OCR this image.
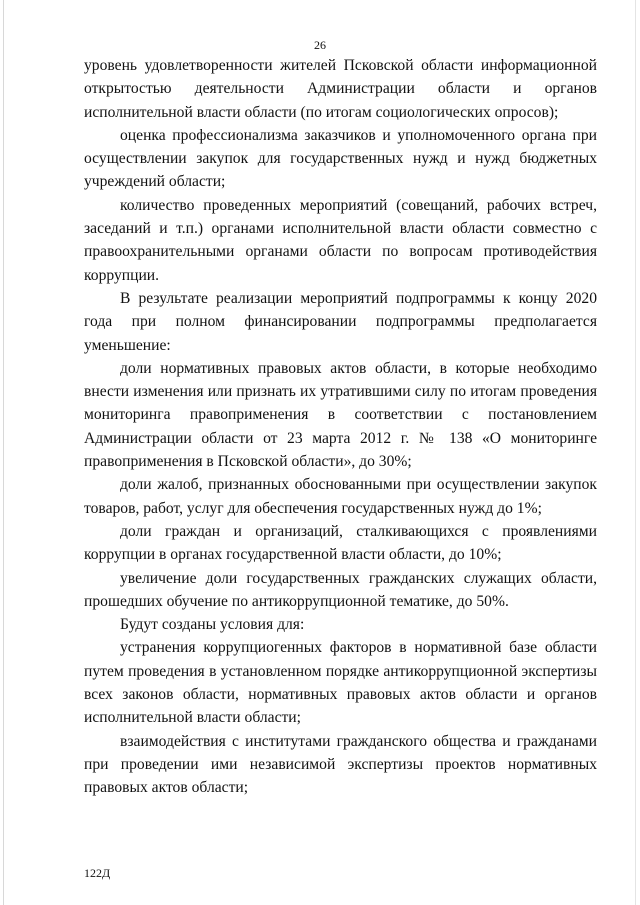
26

уровень удовлетворенности жителей Псковской области информационной открытостью деятельности Администрации области и органов исполнительной власти области (по итогам социологических опросов);

оценка профессионализма заказчиков и уполномоченного органа при осуществлении закупок для государственных нужд и нужд бюджетных учреждений области;

количество проведенных мероприятий (совещаний, рабочих встреч, заседаний и т.п.) органами исполнительной власти области совместно с правоохранительными органами области по вопросам противодействия коррупции.

В результате реализации мероприятий подпрограммы к концу 2020 года при полном финансировании подпрограммы предполагается уменьшение:

доли нормативных правовых актов области, в которые необходимо внести изменения или признать их утратившими силу по итогам проведения мониторинга правоприменения в соответствии с постановлением Администрации области от 23 марта 2012 г. № 138 «О мониторинге правоприменения в Псковской области», до 30%;

доли жалоб, признанных обоснованными при осуществлении закупок товаров, работ, услуг для обеспечения государственных нужд до 1%;

доли граждан и организаций, сталкивающихся с проявлениями коррупции в органах государственной власти области, до 10%;

увеличение доли государственных гражданских служащих области, прошедших обучение по антикоррупционной тематике, до 50%.

Будут созданы условия для:

устранения коррупциогенных факторов в нормативной базе области путем проведения в установленном порядке антикоррупционной экспертизы всех законов области, нормативных правовых актов области и органов исполнительной власти области;

взаимодействия с институтами гражданского общества и гражданами при проведении ими независимой экспертизы проектов нормативных правовых актов области;

122Д
